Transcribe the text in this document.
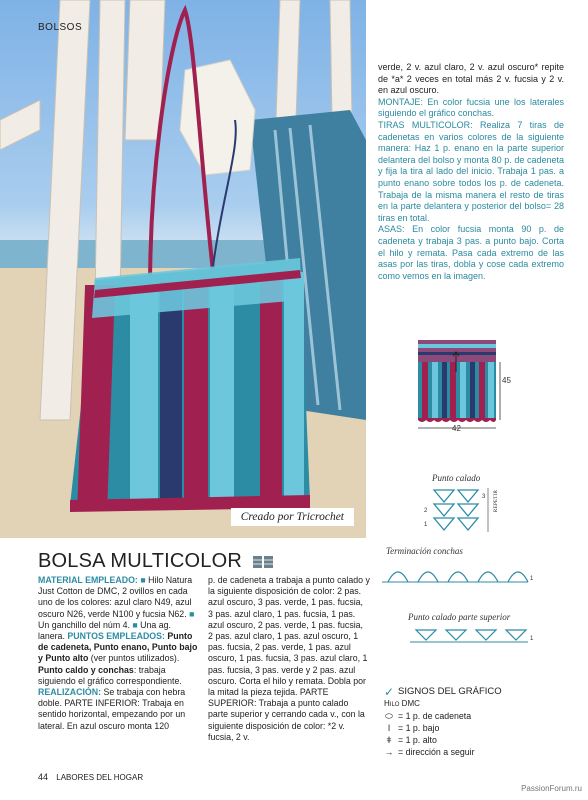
BOLSOS
Creado por Tricrochet

verde, 2 v. azul claro, 2 v. azul oscuro* repite de *a* 2 veces en total más 2 v. fucsia y 2 v. en azul oscuro.

MONTAJE: En color fucsia une los laterales siguiendo el gráfico conchas.

TIRAS MULTICOLOR: Realiza 7 tiras de cadenetas en varios colores de la siguiente manera: Haz 1 p. enano en la parte superior delantera del bolso y monta 80 p. de cadeneta y fija la tira al lado del inicio. Trabaja 1 pas. a punto enano sobre todos los p. de cadeneta. Trabaja de la misma manera el resto de tiras en la parte delantera y posterior del bolso= 28 tiras en total.

ASAS: En color fucsia monta 90 p. de cadeneta y trabaja 3 pas. a punto bajo. Corta el hilo y remata. Pasa cada extremo de las asas por las tiras, dobla y cose cada extremo como vemos en la imagen.

45
42
Punto calado
2
1
3 REPETIR
Terminación conchas
1
Punto calado parte superior
1
BOLSA MULTICOLOR
MATERIAL EMPLEADO: ■ Hilo Natura Just Cotton de DMC, 2 ovillos en cada uno de los colores: azul claro N49, azul oscuro N26, verde N100 y fucsia N62. ■ Un ganchillo del núm 4. ■ Una ag. lanera. PUNTOS EMPLEADOS: Punto de cadeneta, Punto enano, Punto bajo y Punto alto (ver puntos utilizados). Punto caldo y conchas: trabaja siguiendo el gráfico correspondiente. REALIZACIÓN: Se trabaja con hebra doble. PARTE INFERIOR: Trabaja en sentido horizontal, empezando por un lateral. En azul oscuro monta 120
p. de cadeneta a trabaja a punto calado y la siguiente disposición de color: 2 pas. azul oscuro, 3 pas. verde, 1 pas. fucsia, 3 pas. azul claro, 1 pas. fucsia, 1 pas. azul oscuro, 2 pas. verde, 1 pas. fucsia, 2 pas. azul claro, 1 pas. azul oscuro, 1 pas. fucsia, 2 pas. verde, 1 pas. azul oscuro, 1 pas. fucsia, 3 pas. azul claro, 1 pas. fucsia, 3 pas. verde y 2 pas. azul oscuro. Corta el hilo y remata. Dobla por la mitad la pieza tejida. PARTE SUPERIOR: Trabaja a punto calado parte superior y cerrando cada v., con la siguiente disposición de color: *2 v. fucsia, 2 v.
✓ SIGNOS DEL GRÁFICO
Hilo DMC
⬭ = 1 p. de cadeneta
ǀ = 1 p. bajo
ǂ = 1 p. alto
→ = dirección a seguir
44 LABORES DEL HOGAR
PassionForum.ru
